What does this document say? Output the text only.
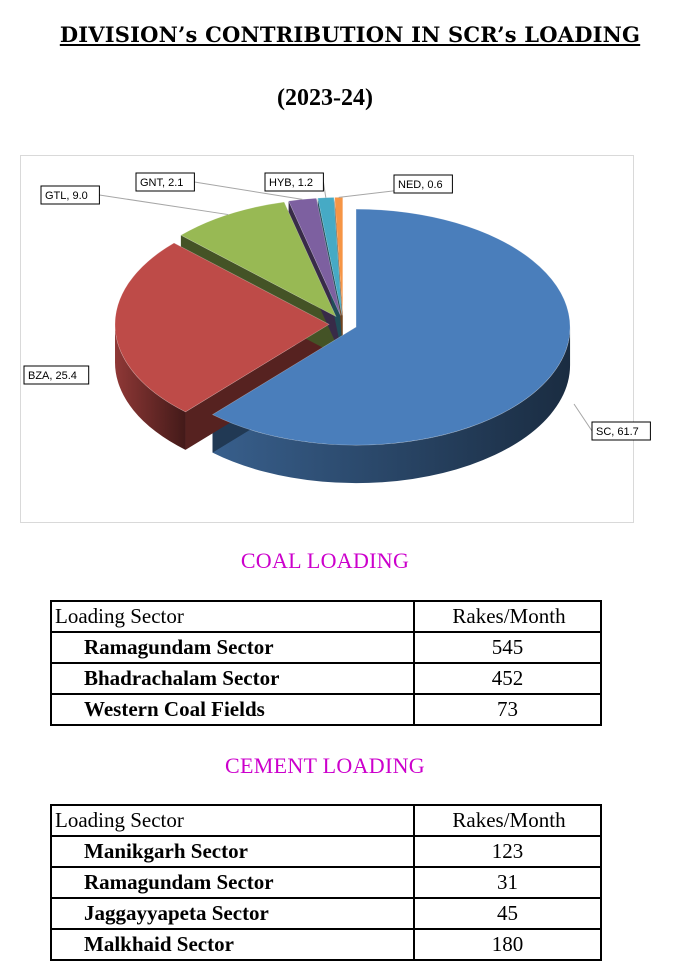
DIVISION’s CONTRIBUTION IN SCR’s LOADING
(2023-24)
SC, 61.7
BZA, 25.4
GTL, 9.0
GNT, 2.1	HYB, 1.2	NED, 0.6
COAL LOADING
Loading Sector	Rakes/Month
Ramagundam Sector	545
Bhadrachalam Sector	452
Western Coal Fields	73
CEMENT LOADING
Loading Sector	Rakes/Month
Manikgarh Sector	123
Ramagundam Sector	31
Jaggayyapeta Sector	45
Malkhaid Sector	180
